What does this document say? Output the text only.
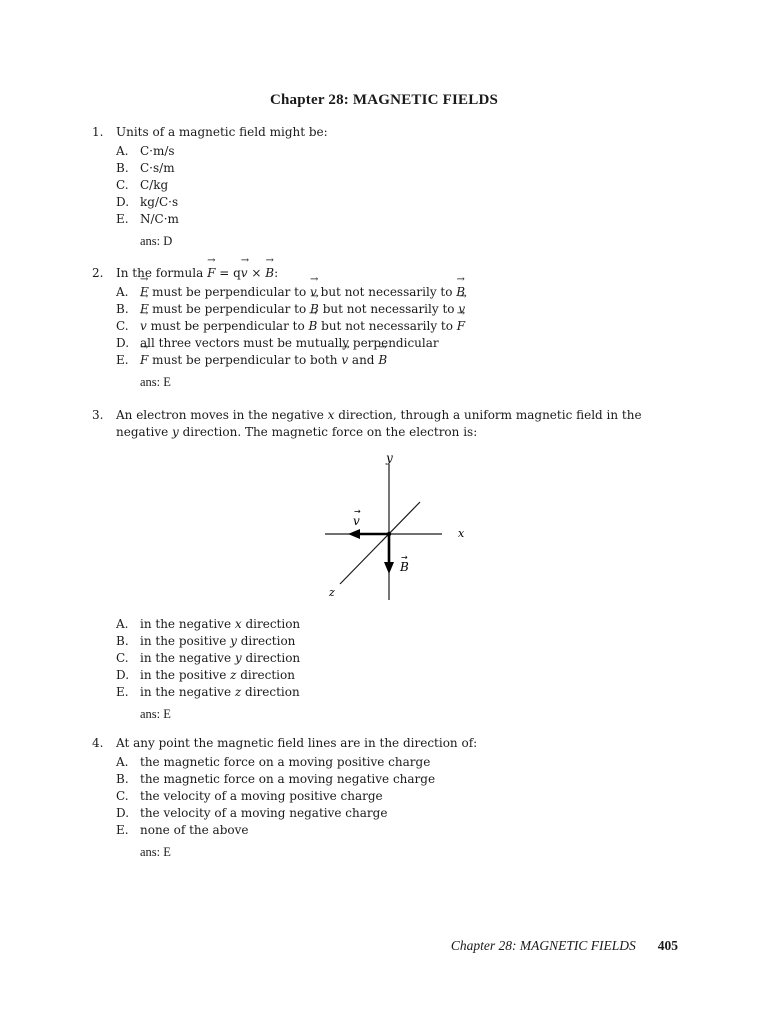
Chapter 28: MAGNETIC FIELDS
1.	Units of a magnetic field might be:
A. C·m/s
B. C·s/m
C. C/kg
D. kg/C·s
E. N/C·m
ans: D
2.	In the formula → F = q→ v × → B:
A. → F must be perpendicular to → v but not necessarily to → B
B. → F must be perpendicular to → B but not necessarily to → v
C. → v must be perpendicular to → B but not necessarily to → F
D. all three vectors must be mutually perpendicular
E. → F must be perpendicular to both → v and → B
ans: E
3.	An electron moves in the negative x direction, through a uniform magnetic field in the negative y direction. The magnetic force on the electron is:
y
x
z
v
→
B
→
A. in the negative x direction
B. in the positive y direction
C. in the negative y direction
D. in the positive z direction
E. in the negative z direction
ans: E
4.	At any point the magnetic field lines are in the direction of:
A. the magnetic force on a moving positive charge
B. the magnetic force on a moving negative charge
C. the velocity of a moving positive charge
D. the velocity of a moving negative charge
E. none of the above
ans: E
Chapter 28: MAGNETIC FIELDS 405
